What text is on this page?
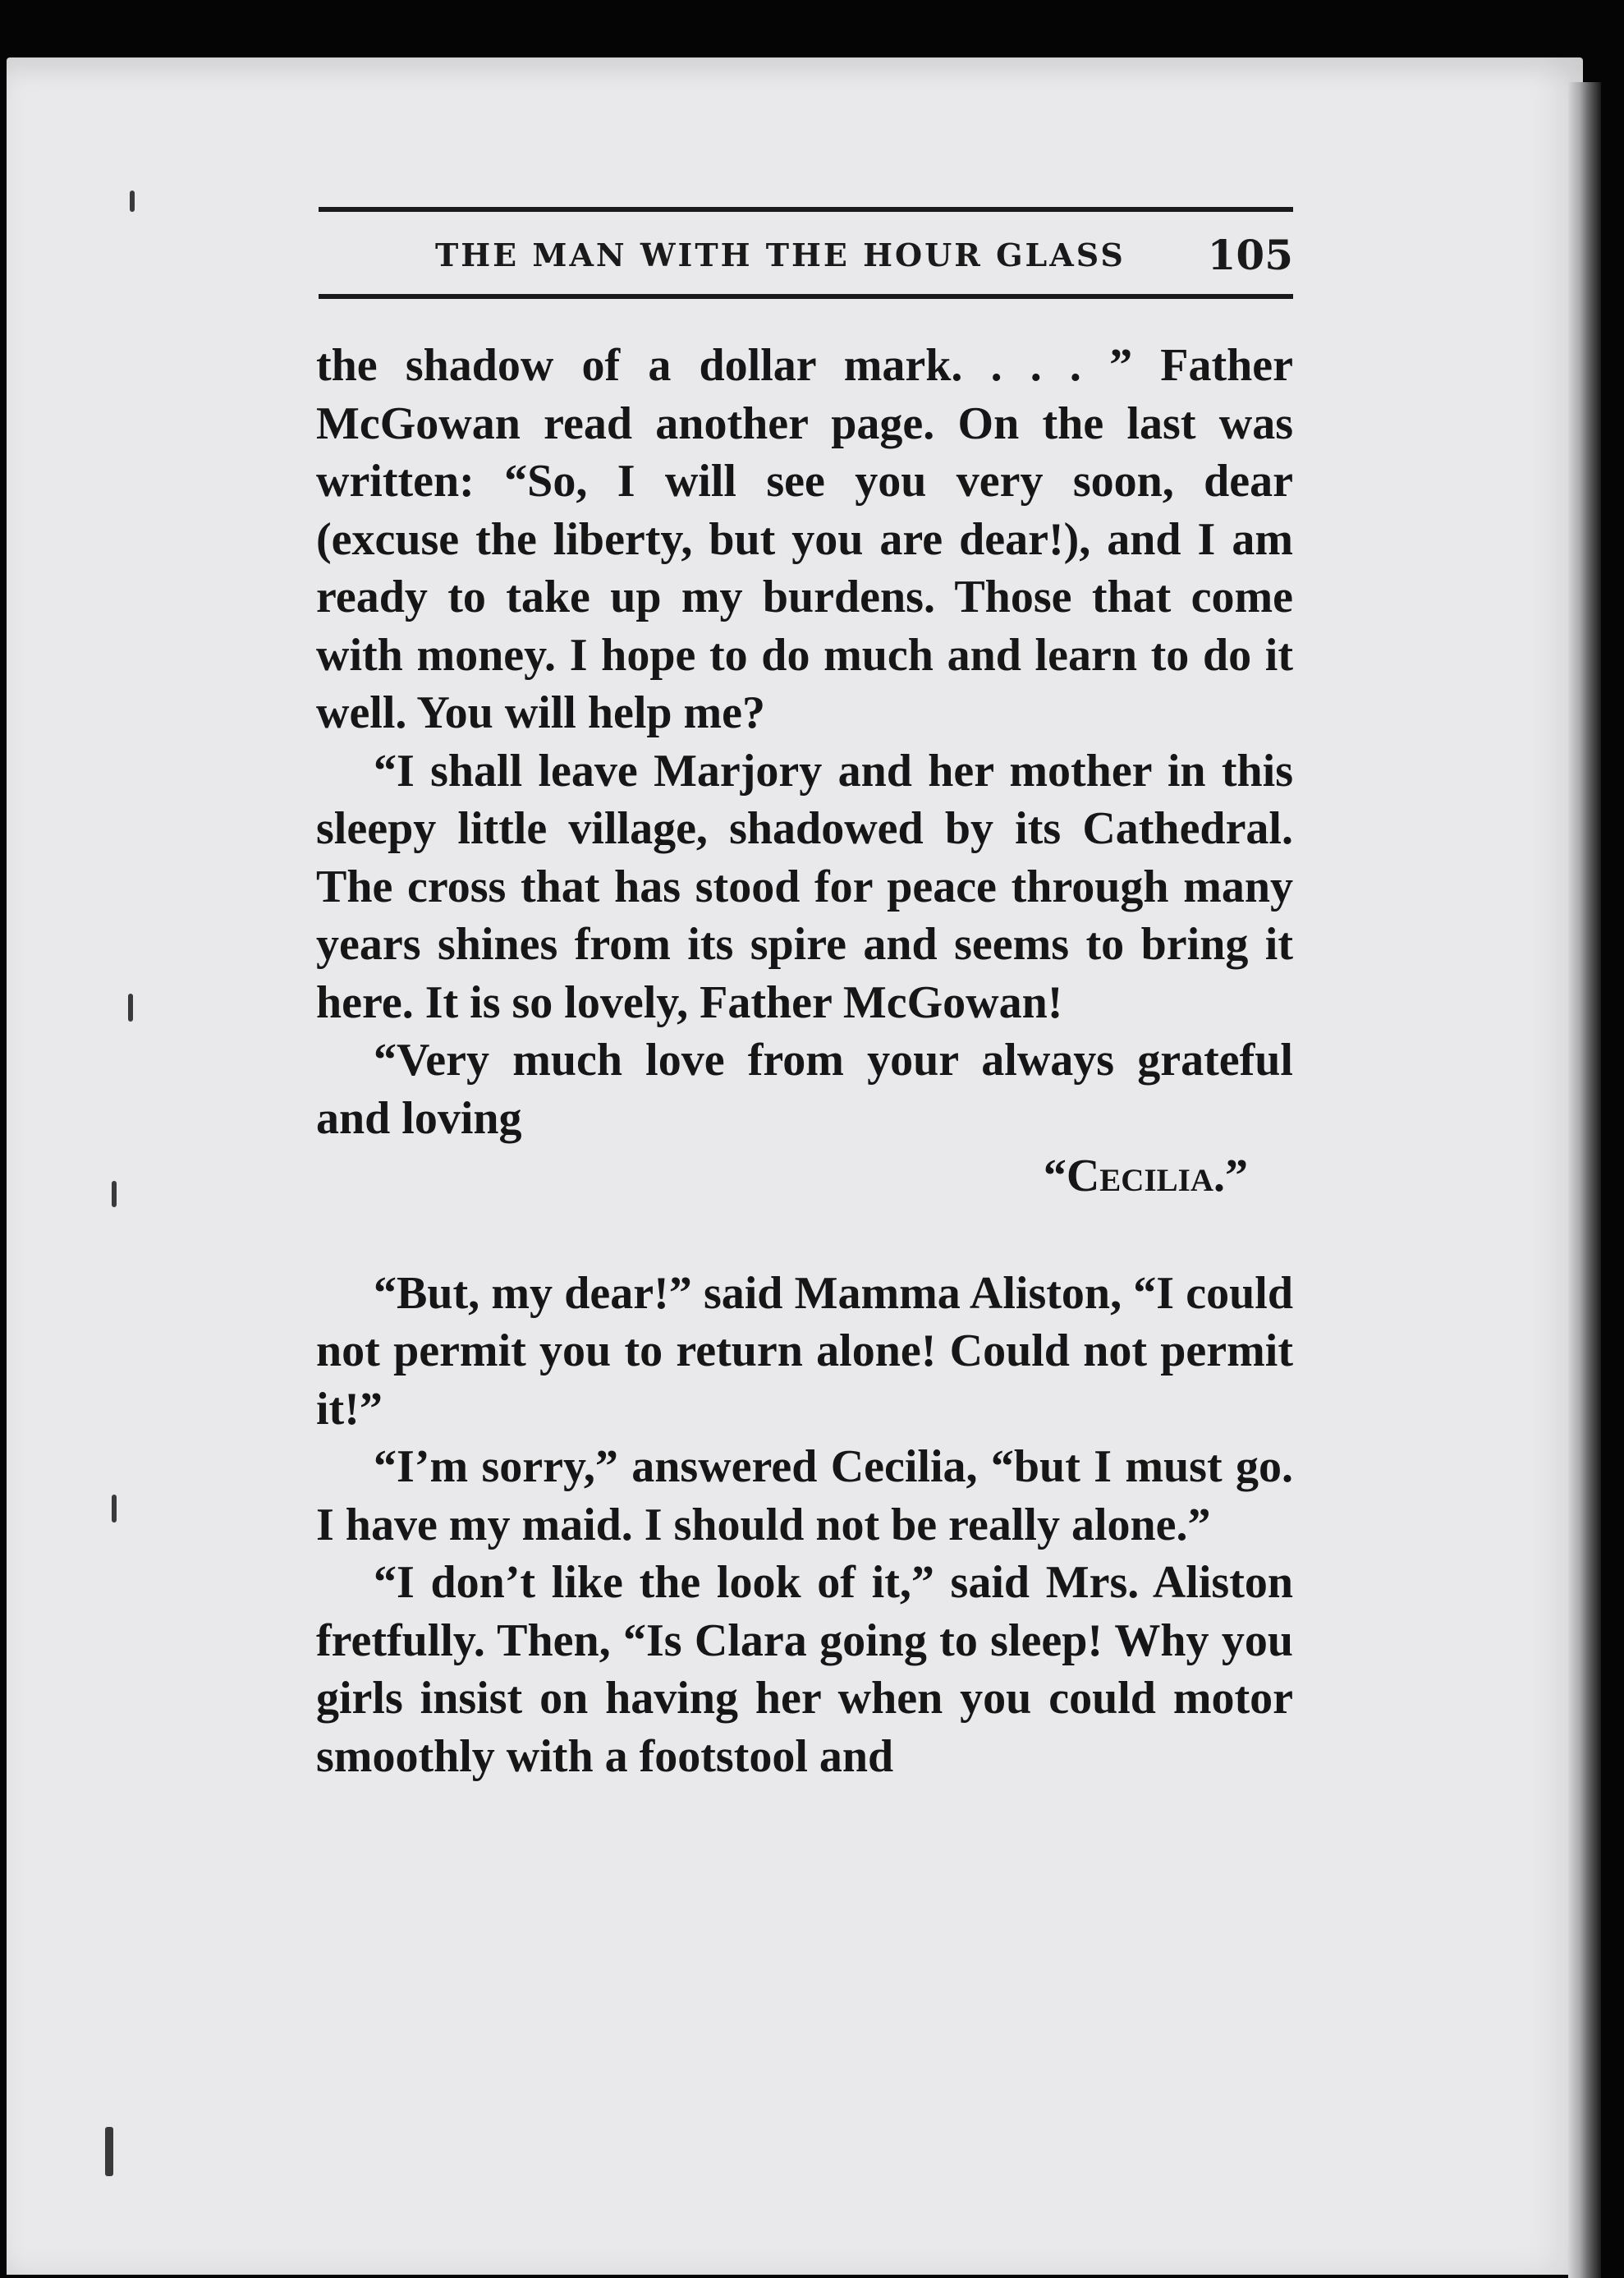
THE MAN WITH THE HOUR GLASS 105

the shadow of a dollar mark. . . . ” Father McGowan read another page. On the last was written: “So, I will see you very soon, dear (excuse the liberty, but you are dear!), and I am ready to take up my burdens. Those that come with money. I hope to do much and learn to do it well. You will help me?

“I shall leave Marjory and her mother in this sleepy little village, shadowed by its Cathedral. The cross that has stood for peace through many years shines from its spire and seems to bring it here. It is so lovely, Father McGowan!

“Very much love from your always grateful and loving

“Cecilia.”

“But, my dear!” said Mamma Aliston, “I could not permit you to return alone! Could not permit it!”

“I’m sorry,” answered Cecilia, “but I must go. I have my maid. I should not be really alone.”

“I don’t like the look of it,” said Mrs. Aliston fretfully. Then, “Is Clara going to sleep! Why you girls insist on having her when you could motor smoothly with a footstool and
